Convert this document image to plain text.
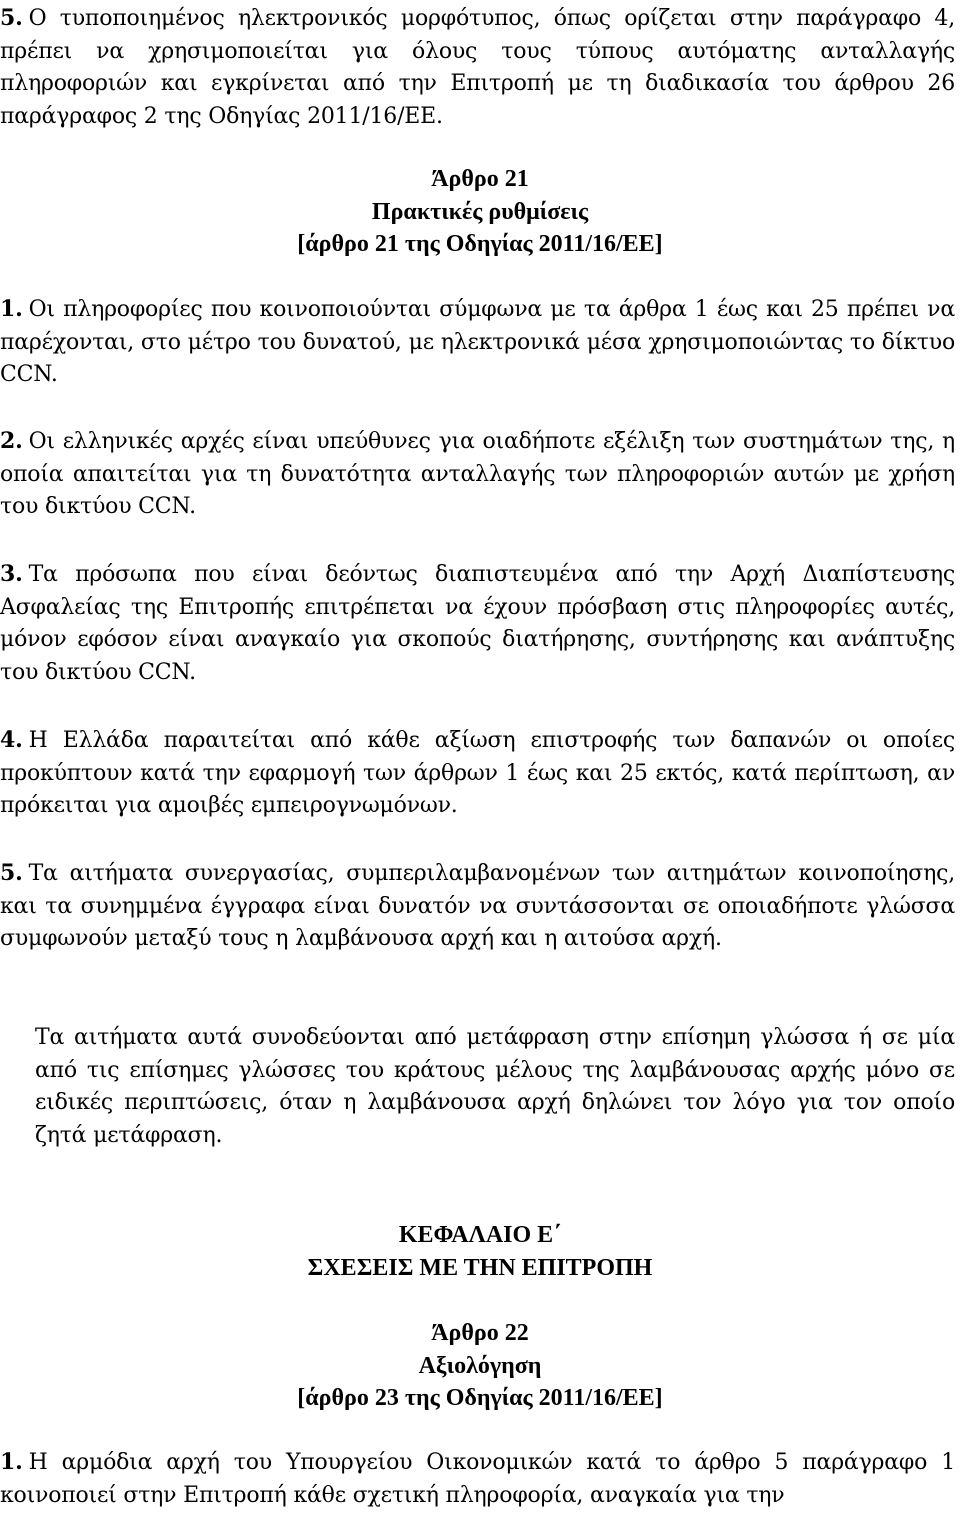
5. Ο τυποποιημένος ηλεκτρονικός μορφότυπος, όπως ορίζεται στην παράγραφο 4, πρέπει να χρησιμοποιείται για όλους τους τύπους αυτόματης ανταλλαγής πληροφοριών και εγκρίνεται από την Επιτροπή με τη διαδικασία του άρθρου 26 παράγραφος 2 της Οδηγίας 2011/16/ΕΕ.
Άρθρο 21
Πρακτικές ρυθμίσεις
[άρθρο 21 της Οδηγίας 2011/16/ΕΕ]
1. Οι πληροφορίες που κοινοποιούνται σύμφωνα με τα άρθρα 1 έως και 25 πρέπει να παρέχονται, στο μέτρο του δυνατού, με ηλεκτρονικά μέσα χρησιμοποιώντας το δίκτυο CCN.
2. Οι ελληνικές αρχές είναι υπεύθυνες για οιαδήποτε εξέλιξη των συστημάτων της, η οποία απαιτείται για τη δυνατότητα ανταλλαγής των πληροφοριών αυτών με χρήση του δικτύου CCN.
3. Τα πρόσωπα που είναι δεόντως διαπιστευμένα από την Αρχή Διαπίστευσης Ασφαλείας της Επιτροπής επιτρέπεται να έχουν πρόσβαση στις πληροφορίες αυτές, μόνον εφόσον είναι αναγκαίο για σκοπούς διατήρησης, συντήρησης και ανάπτυξης του δικτύου CCN.
4. Η Ελλάδα παραιτείται από κάθε αξίωση επιστροφής των δαπανών οι οποίες προκύπτουν κατά την εφαρμογή των άρθρων 1 έως και 25 εκτός, κατά περίπτωση, αν πρόκειται για αμοιβές εμπειρογνωμόνων.
5. Τα αιτήματα συνεργασίας, συμπεριλαμβανομένων των αιτημάτων κοινοποίησης, και τα συνημμένα έγγραφα είναι δυνατόν να συντάσσονται σε οποιαδήποτε γλώσσα συμφωνούν μεταξύ τους η λαμβάνουσα αρχή και η αιτούσα αρχή.
Τα αιτήματα αυτά συνοδεύονται από μετάφραση στην επίσημη γλώσσα ή σε μία από τις επίσημες γλώσσες του κράτους μέλους της λαμβάνουσας αρχής μόνο σε ειδικές περιπτώσεις, όταν η λαμβάνουσα αρχή δηλώνει τον λόγο για τον οποίο ζητά μετάφραση.
ΚΕΦΑΛΑΙΟ Ε΄
ΣΧΕΣΕΙΣ ΜΕ ΤΗΝ ΕΠΙΤΡΟΠΗ
Άρθρο 22
Αξιολόγηση
[άρθρο 23 της Οδηγίας 2011/16/ΕΕ]
1. Η αρμόδια αρχή του Υπουργείου Οικονομικών κατά το άρθρο 5 παράγραφο 1 κοινοποιεί στην Επιτροπή κάθε σχετική πληροφορία, αναγκαία για την
